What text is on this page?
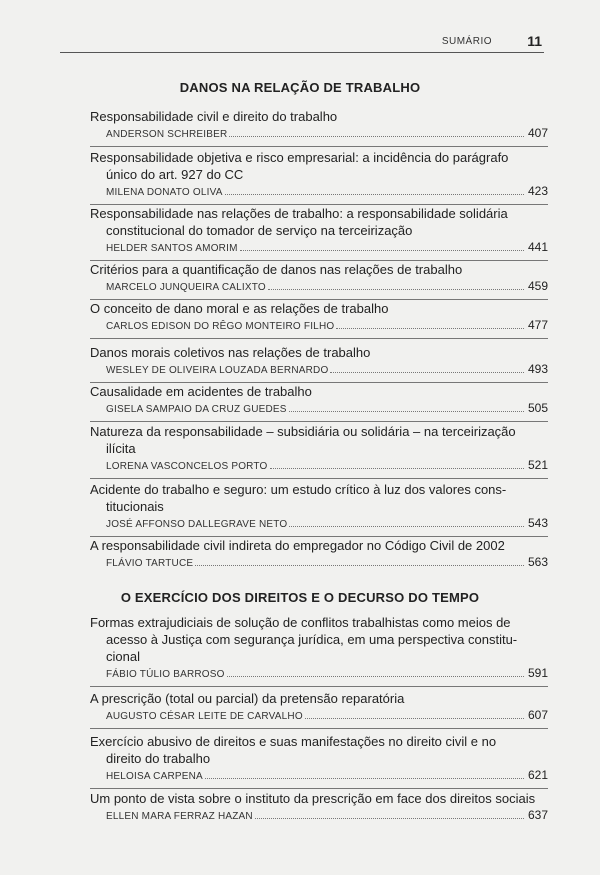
SUMÁRIO	11
DANOS NA RELAÇÃO DE TRABALHO
Responsabilidade civil e direito do trabalho
ANDERSON SCHREIBER	407
Responsabilidade objetiva e risco empresarial: a incidência do parágrafo
único do art. 927 do CC
MILENA DONATO OLIVA	423
Responsabilidade nas relações de trabalho: a responsabilidade solidária
constitucional do tomador de serviço na terceirização
HELDER SANTOS AMORIM	441
Critérios para a quantificação de danos nas relações de trabalho
MARCELO JUNQUEIRA CALIXTO	459
O conceito de dano moral e as relações de trabalho
CARLOS EDISON DO RÊGO MONTEIRO FILHO	477
Danos morais coletivos nas relações de trabalho
WESLEY DE OLIVEIRA LOUZADA BERNARDO	493
Causalidade em acidentes de trabalho
GISELA SAMPAIO DA CRUZ GUEDES	505
Natureza da responsabilidade – subsidiária ou solidária – na terceirização
ilícita
LORENA VASCONCELOS PORTO	521
Acidente do trabalho e seguro: um estudo crítico à luz dos valores cons-
titucionais
JOSÉ AFFONSO DALLEGRAVE NETO	543
A responsabilidade civil indireta do empregador no Código Civil de 2002
FLÁVIO TARTUCE	563
O EXERCÍCIO DOS DIREITOS E O DECURSO DO TEMPO
Formas extrajudiciais de solução de conflitos trabalhistas como meios de
acesso à Justiça com segurança jurídica, em uma perspectiva constitu-
cional
FÁBIO TÚLIO BARROSO	591
A prescrição (total ou parcial) da pretensão reparatória
AUGUSTO CÉSAR LEITE DE CARVALHO	607
Exercício abusivo de direitos e suas manifestações no direito civil e no
direito do trabalho
HELOISA CARPENA	621
Um ponto de vista sobre o instituto da prescrição em face dos direitos sociais
ELLEN MARA FERRAZ HAZAN	637
